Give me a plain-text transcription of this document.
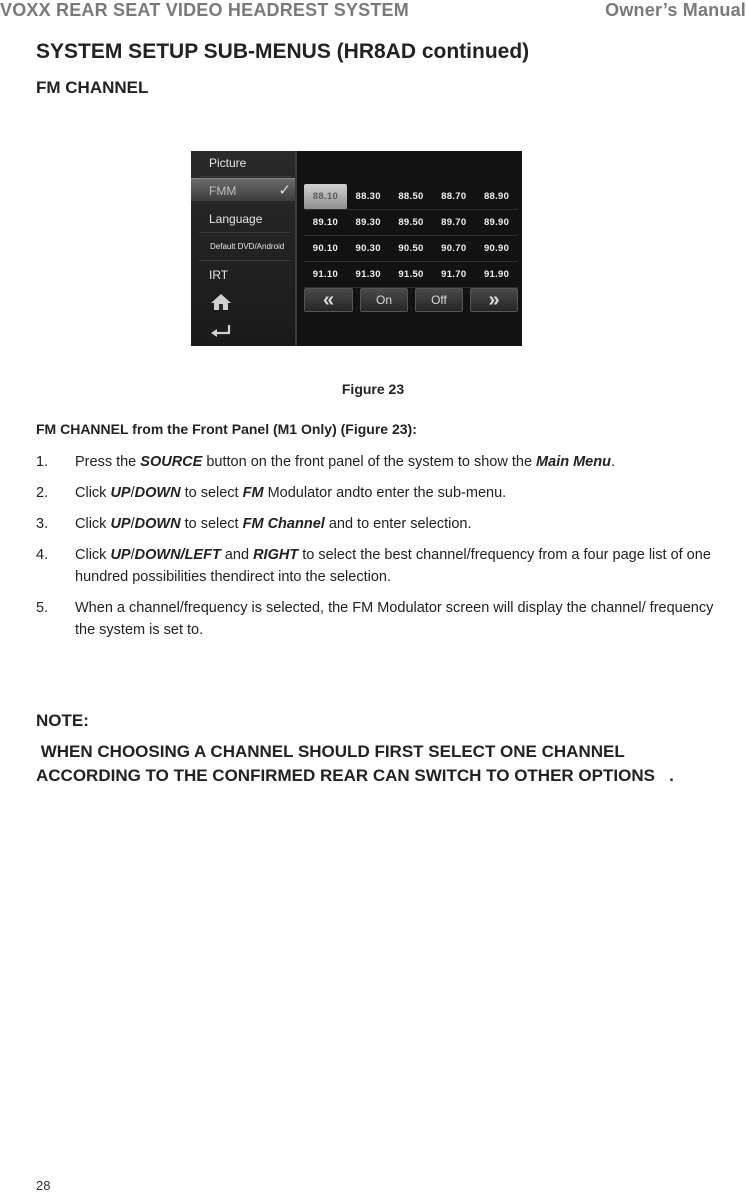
VOXX REAR SEAT VIDEO HEADREST SYSTEM	Owner’s Manual
SYSTEM SETUP SUB-MENUS (HR8AD continued)
FM CHANNEL
Picture
FMM	✓
Language
Default DVD/Android
IRT
88.10	88.30	88.50	88.70	88.90
89.10	89.30	89.50	89.70	89.90
90.10	90.30	90.50	90.70	90.90
91.10	91.30	91.50	91.70	91.90
«	On	Off	»
Figure 23
FM CHANNEL from the Front Panel (M1 Only) (Figure 23):
1. Press the SOURCE button on the front panel of the system to show the Main Menu.
2. Click UP/DOWN to select FM Modulator andto enter the sub-menu.
3. Click UP/DOWN to select FM Channel and to enter selection.
4. Click UP/DOWN/LEFT and RIGHT to select the best channel/frequency from a four page list of one hundred possibilities thendirect into the selection.
5. When a channel/frequency is selected, the FM Modulator screen will display the channel/ frequency the system is set to.
NOTE:
WHEN CHOOSING A CHANNEL SHOULD FIRST SELECT ONE CHANNEL ACCORDING TO THE CONFIRMED REAR CAN SWITCH TO OTHER OPTIONS   .
28
